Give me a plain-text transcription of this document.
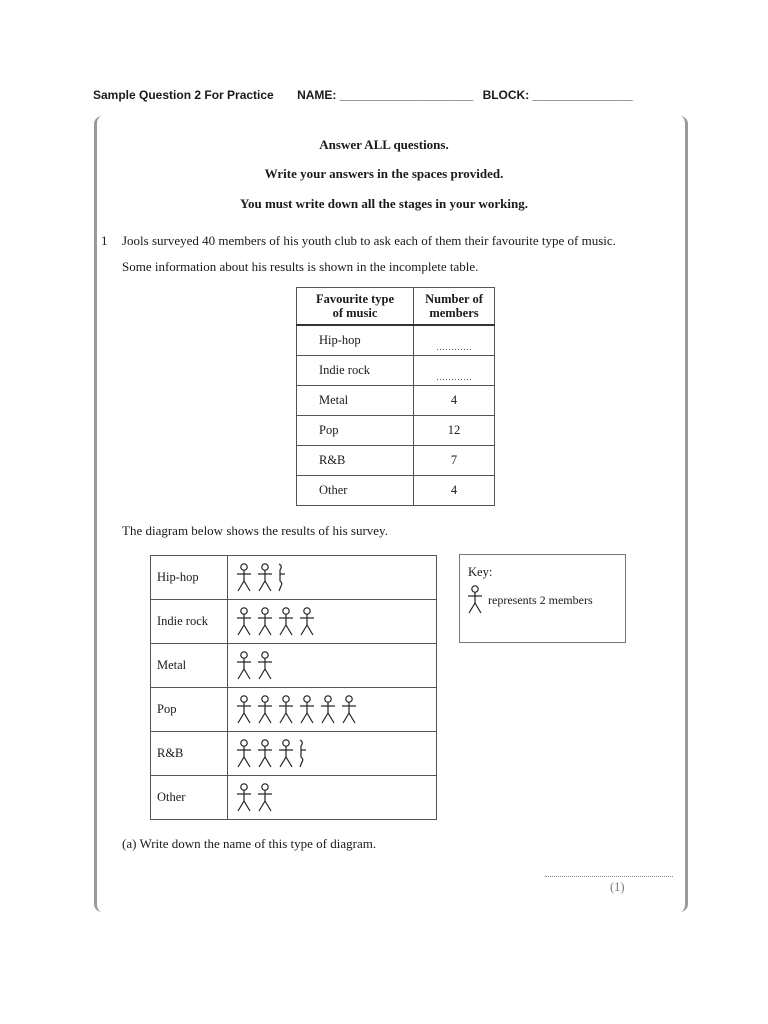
Sample Question 2 For Practice NAME: ____________________ BLOCK: _______________
Answer ALL questions.
Write your answers in the spaces provided.
You must write down all the stages in your working.
1 Jools surveyed 40 members of his youth club to ask each of them their favourite type of music.
Some information about his results is shown in the incomplete table.
Favourite type
of music	Number of
members
Hip-hop	$_{\dots\dots\dots\dots}$
Indie rock	$_{\dots\dots\dots\dots}$
Metal	4
Pop	12
R&B	7
Other	4
The diagram below shows the results of his survey.
Hip-hop	
Indie rock	
Metal	
Pop	
R&B	
Other	
Key:
represents 2 members
(a) Write down the name of this type of diagram.
(1)
